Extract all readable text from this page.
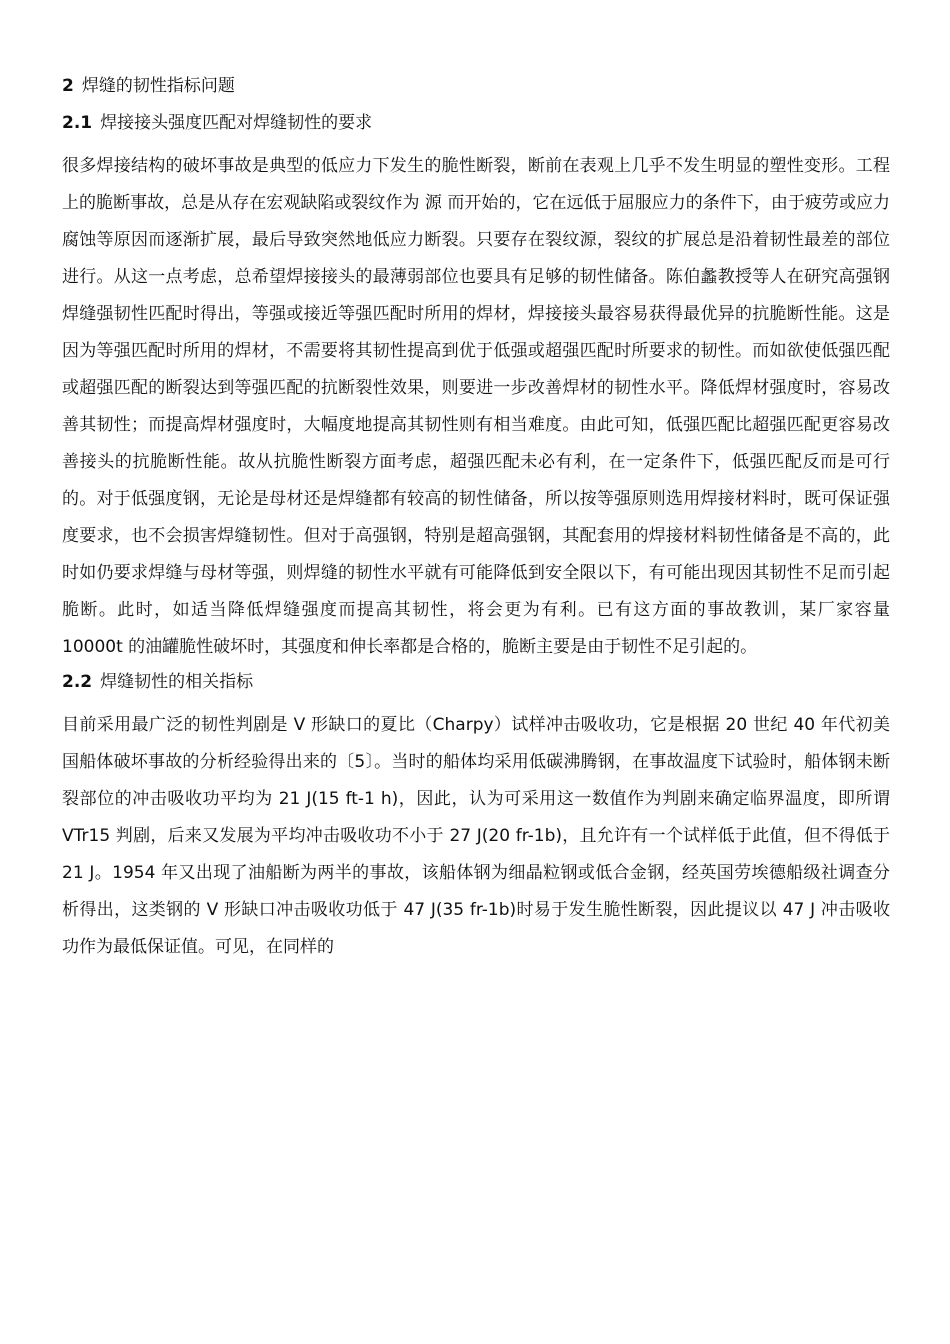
2 焊缝的韧性指标问题
2.1 焊接接头强度匹配对焊缝韧性的要求

很多焊接结构的破坏事故是典型的低应力下发生的脆性断裂，断前在表观上几乎不发生明显的塑性变形。工程上的脆断事故，总是从存在宏观缺陷或裂纹作为 源 而开始的，它在远低于屈服应力的条件下，由于疲劳或应力腐蚀等原因而逐渐扩展，最后导致突然地低应力断裂。只要存在裂纹源，裂纹的扩展总是沿着韧性最差的部位进行。从这一点考虑，总希望焊接接头的最薄弱部位也要具有足够的韧性储备。陈伯蠡教授等人在研究高强钢焊缝强韧性匹配时得出，等强或接近等强匹配时所用的焊材，焊接接头最容易获得最优异的抗脆断性能。这是因为等强匹配时所用的焊材，不需要将其韧性提高到优于低强或超强匹配时所要求的韧性。而如欲使低强匹配或超强匹配的断裂达到等强匹配的抗断裂性效果，则要进一步改善焊材的韧性水平。降低焊材强度时，容易改善其韧性；而提高焊材强度时，大幅度地提高其韧性则有相当难度。由此可知，低强匹配比超强匹配更容易改善接头的抗脆断性能。故从抗脆性断裂方面考虑，超强匹配未必有利，在一定条件下，低强匹配反而是可行的。对于低强度钢，无论是母材还是焊缝都有较高的韧性储备，所以按等强原则选用焊接材料时，既可保证强度要求，也不会损害焊缝韧性。但对于高强钢，特别是超高强钢，其配套用的焊接材料韧性储备是不高的，此时如仍要求焊缝与母材等强，则焊缝的韧性水平就有可能降低到安全限以下，有可能出现因其韧性不足而引起脆断。此时，如适当降低焊缝强度而提高其韧性，将会更为有利。已有这方面的事故教训，某厂家容量 10000t 的油罐脆性破坏时，其强度和伸长率都是合格的，脆断主要是由于韧性不足引起的。

2.2 焊缝韧性的相关指标

目前采用最广泛的韧性判剧是 V 形缺口的夏比（Charpy）试样冲击吸收功，它是根据 20 世纪 40 年代初美国船体破坏事故的分析经验得出来的〔5〕。当时的船体均采用低碳沸腾钢，在事故温度下试验时，船体钢未断裂部位的冲击吸收功平均为 21 J(15 ft-1 h)，因此，认为可采用这一数值作为判剧来确定临界温度，即所谓 VTr15 判剧，后来又发展为平均冲击吸收功不小于 27 J(20 fr-1b)，且允许有一个试样低于此值，但不得低于 21 J。1954 年又出现了油船断为两半的事故，该船体钢为细晶粒钢或低合金钢，经英国劳埃德船级社调查分析得出，这类钢的 V 形缺口冲击吸收功低于 47 J(35 fr-1b)时易于发生脆性断裂，因此提议以 47 J 冲击吸收功作为最低保证值。可见，在同样的
